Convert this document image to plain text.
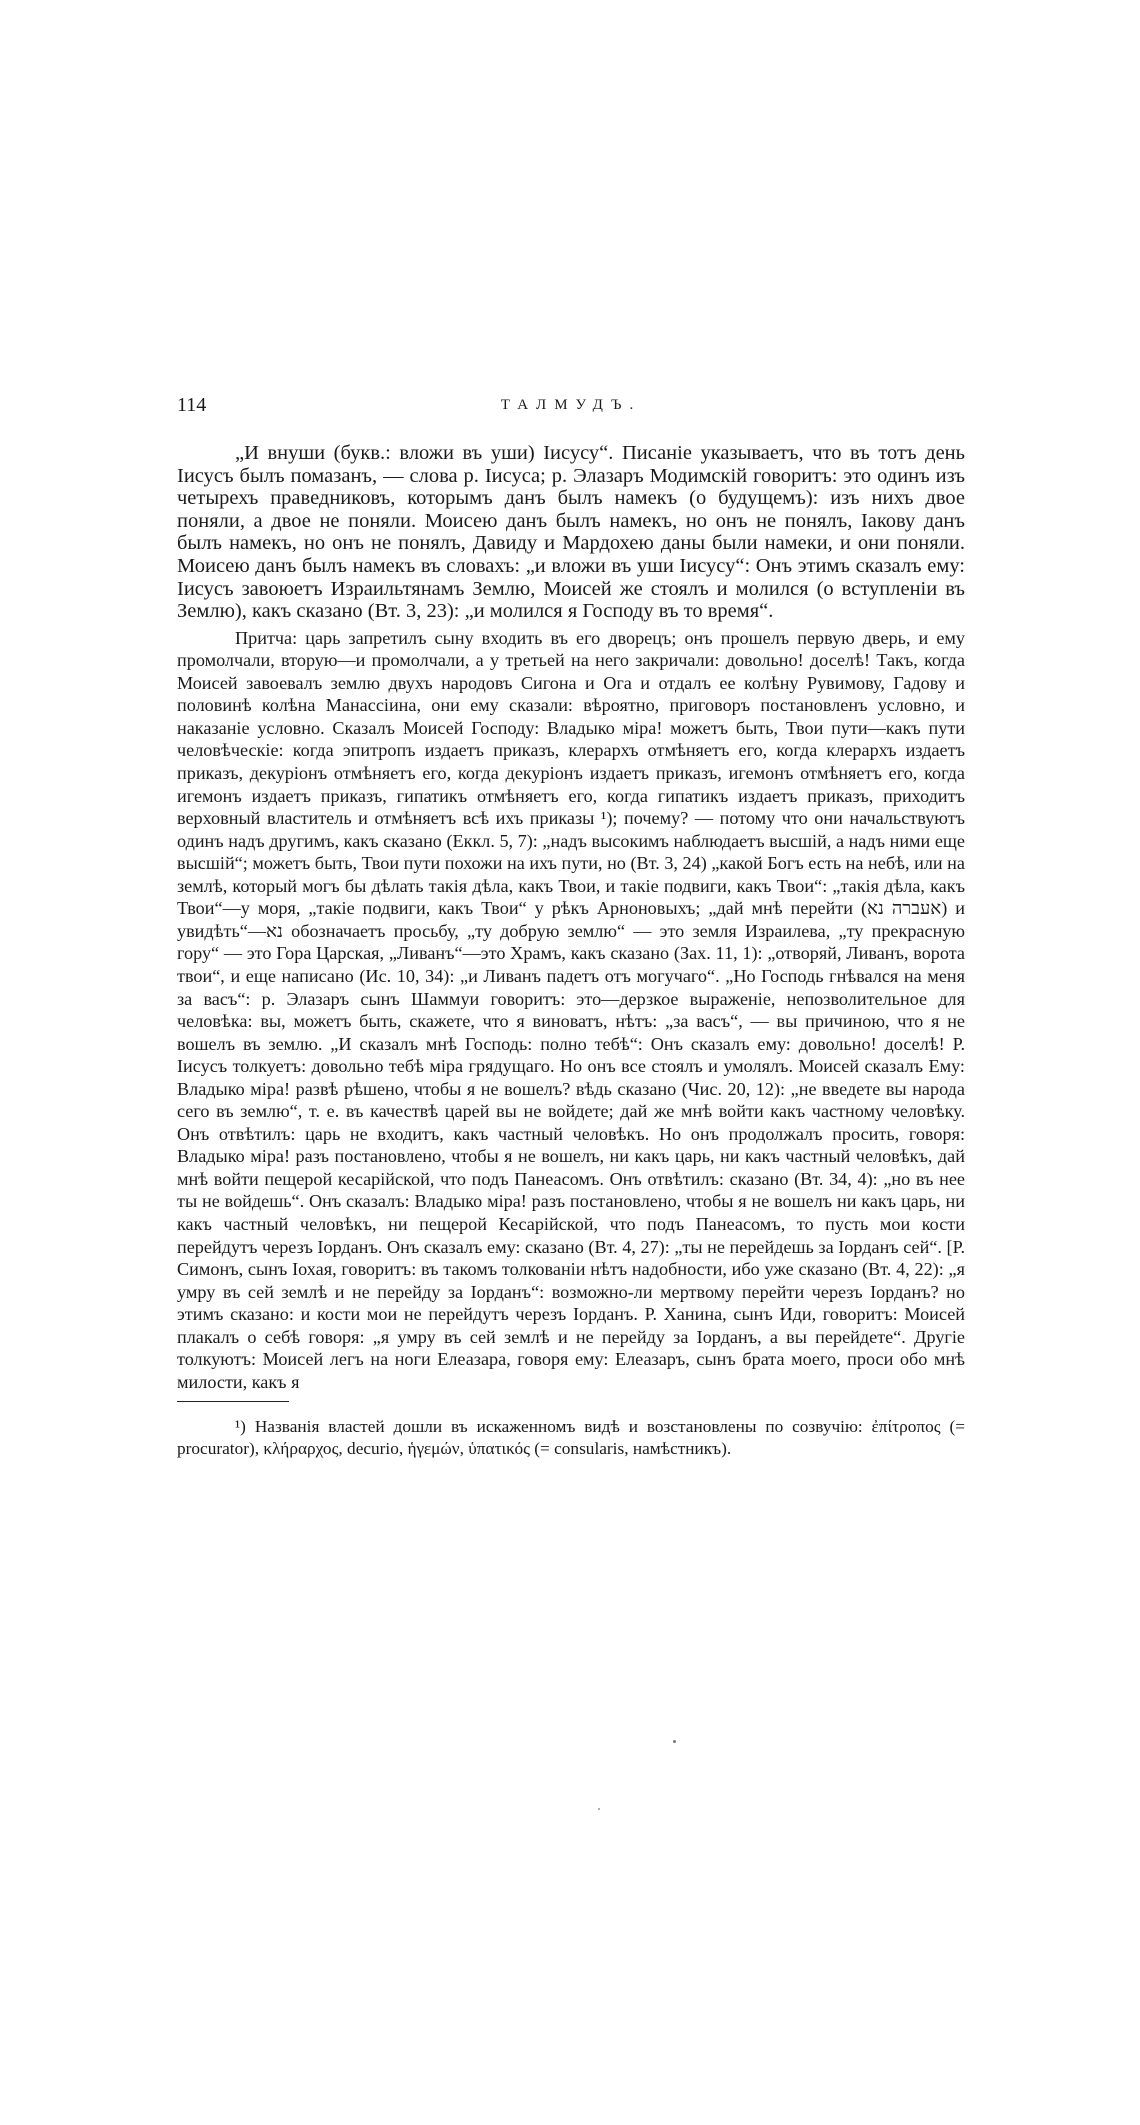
114	ТАЛМУДЪ.

„И внуши (букв.: вложи въ уши) Іисусу“. Писаніе указываетъ, что въ тотъ день Іисусъ былъ помазанъ, — слова р. Іисуса; р. Элазаръ Модимскій говоритъ: это одинъ изъ четырехъ праведниковъ, которымъ данъ былъ намекъ (о будущемъ): изъ нихъ двое поняли, а двое не поняли. Моисею данъ былъ намекъ, но онъ не понялъ, Іакову данъ былъ намекъ, но онъ не понялъ, Давиду и Мардохею даны были намеки, и они поняли. Моисею данъ былъ намекъ въ словахъ: „и вложи въ уши Іисусу“: Онъ этимъ сказалъ ему: Іисусъ завоюетъ Израильтянамъ Землю, Моисей же стоялъ и молился (о вступленіи въ Землю), какъ сказано (Вт. 3, 23): „и молился я Господу въ то время“.

Притча: царь запретилъ сыну входить въ его дворецъ; онъ прошелъ первую дверь, и ему промолчали, вторую—и промолчали, а у третьей на него закричали: довольно! доселѣ! Такъ, когда Моисей завоевалъ землю двухъ народовъ Сигона и Ога и отдалъ ее колѣну Рувимову, Гадову и половинѣ колѣна Манассіина, они ему сказали: вѣроятно, приговоръ постановленъ условно, и наказаніе условно. Сказалъ Моисей Господу: Владыко міра! можетъ быть, Твои пути—какъ пути человѣческіе: когда эпитропъ издаетъ приказъ, клерархъ отмѣняетъ его, когда клерархъ издаетъ приказъ, декуріонъ отмѣняетъ его, когда декуріонъ издаетъ приказъ, игемонъ отмѣняетъ его, когда игемонъ издаетъ приказъ, гипатикъ отмѣняетъ его, когда гипатикъ издаетъ приказъ, приходитъ верховный властитель и отмѣняетъ всѣ ихъ приказы ¹); почему? — потому что они начальствуютъ одинъ надъ другимъ, какъ сказано (Еккл. 5, 7): „надъ высокимъ наблюдаетъ высшій, а надъ ними еще высшій“; можетъ быть, Твои пути похожи на ихъ пути, но (Вт. 3, 24) „какой Богъ есть на небѣ, или на землѣ, который могъ бы дѣлать такія дѣла, какъ Твои, и такіе подвиги, какъ Твои“: „такія дѣла, какъ Твои“—у моря, „такіе подвиги, какъ Твои“ у рѣкъ Арноновыхъ; „дай мнѣ перейти (אעברה נא) и увидѣть“—נא обозначаетъ просьбу, „ту добрую землю“ — это земля Израилева, „ту прекрасную гору“ — это Гора Царская, „Ливанъ“—это Храмъ, какъ сказано (Зах. 11, 1): „отворяй, Ливанъ, ворота твои“, и еще написано (Ис. 10, 34): „и Ливанъ падетъ отъ могучаго“. „Но Господь гнѣвался на меня за васъ“: р. Элазаръ сынъ Шаммуи говоритъ: это—дерзкое выраженіе, непозволительное для человѣка: вы, можетъ быть, скажете, что я виноватъ, нѣтъ: „за васъ“, — вы причиною, что я не вошелъ въ землю. „И сказалъ мнѣ Господь: полно тебѣ“: Онъ сказалъ ему: довольно! доселѣ! Р. Іисусъ толкуетъ: довольно тебѣ міра грядущаго. Но онъ все стоялъ и умолялъ. Моисей сказалъ Ему: Владыко міра! развѣ рѣшено, чтобы я не вошелъ? вѣдь сказано (Чис. 20, 12): „не введете вы народа сего въ землю“, т. е. въ качествѣ царей вы не войдете; дай же мнѣ войти какъ частному человѣку. Онъ отвѣтилъ: царь не входитъ, какъ частный человѣкъ. Но онъ продолжалъ просить, говоря: Владыко міра! разъ постановлено, чтобы я не вошелъ, ни какъ царь, ни какъ частный человѣкъ, дай мнѣ войти пещерой кесарійской, что подъ Панеасомъ. Онъ отвѣтилъ: сказано (Вт. 34, 4): „но въ нее ты не войдешь“. Онъ сказалъ: Владыко міра! разъ постановлено, чтобы я не вошелъ ни какъ царь, ни какъ частный человѣкъ, ни пещерой Кесарійской, что подъ Панеасомъ, то пусть мои кости перейдутъ черезъ Іорданъ. Онъ сказалъ ему: сказано (Вт. 4, 27): „ты не перейдешь за Іорданъ сей“. [Р. Симонъ, сынъ Іохая, говоритъ: въ такомъ толкованіи нѣтъ надобности, ибо уже сказано (Вт. 4, 22): „я умру въ сей землѣ и не перейду за Іорданъ“: возможно-ли мертвому перейти черезъ Іорданъ? но этимъ сказано: и кости мои не перейдутъ черезъ Іорданъ. Р. Ханина, сынъ Иди, говоритъ: Моисей плакалъ о себѣ говоря: „я умру въ сей землѣ и не перейду за Іорданъ, а вы перейдете“. Другіе толкуютъ: Моисей легъ на ноги Елеазара, говоря ему: Елеазаръ, сынъ брата моего, проси обо мнѣ милости, какъ я

¹) Названія властей дошли въ искаженномъ видѣ и возстановлены по созвучію: ἐπίτροπος (= procurator), κλήραρχος, decurio, ἡγεμών, ὑπατικός (= consularis, намѣстникъ).
